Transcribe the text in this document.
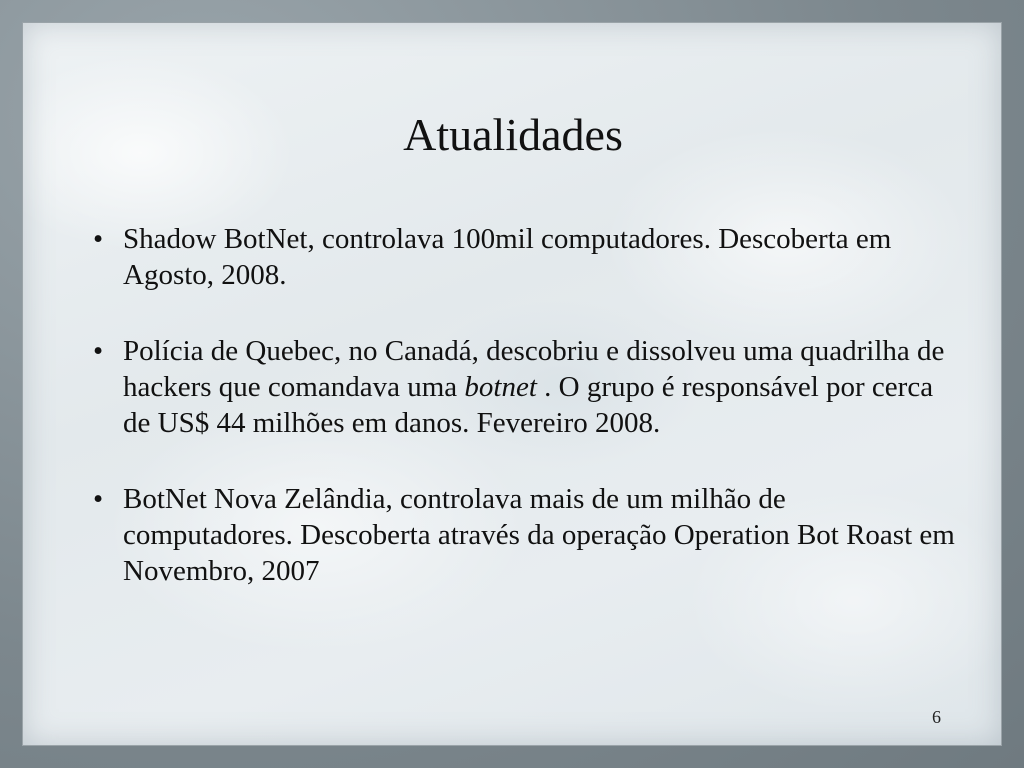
Atualidades
• Shadow BotNet, controlava 100mil computadores. Descoberta em Agosto, 2008.
• Polícia de Quebec, no Canadá, descobriu e dissolveu uma quadrilha de hackers que comandava uma botnet . O grupo é responsável por cerca de US$ 44 milhões em danos. Fevereiro 2008.
• BotNet Nova Zelândia, controlava mais de um milhão de computadores. Descoberta através da operação Operation Bot Roast em Novembro, 2007
6
